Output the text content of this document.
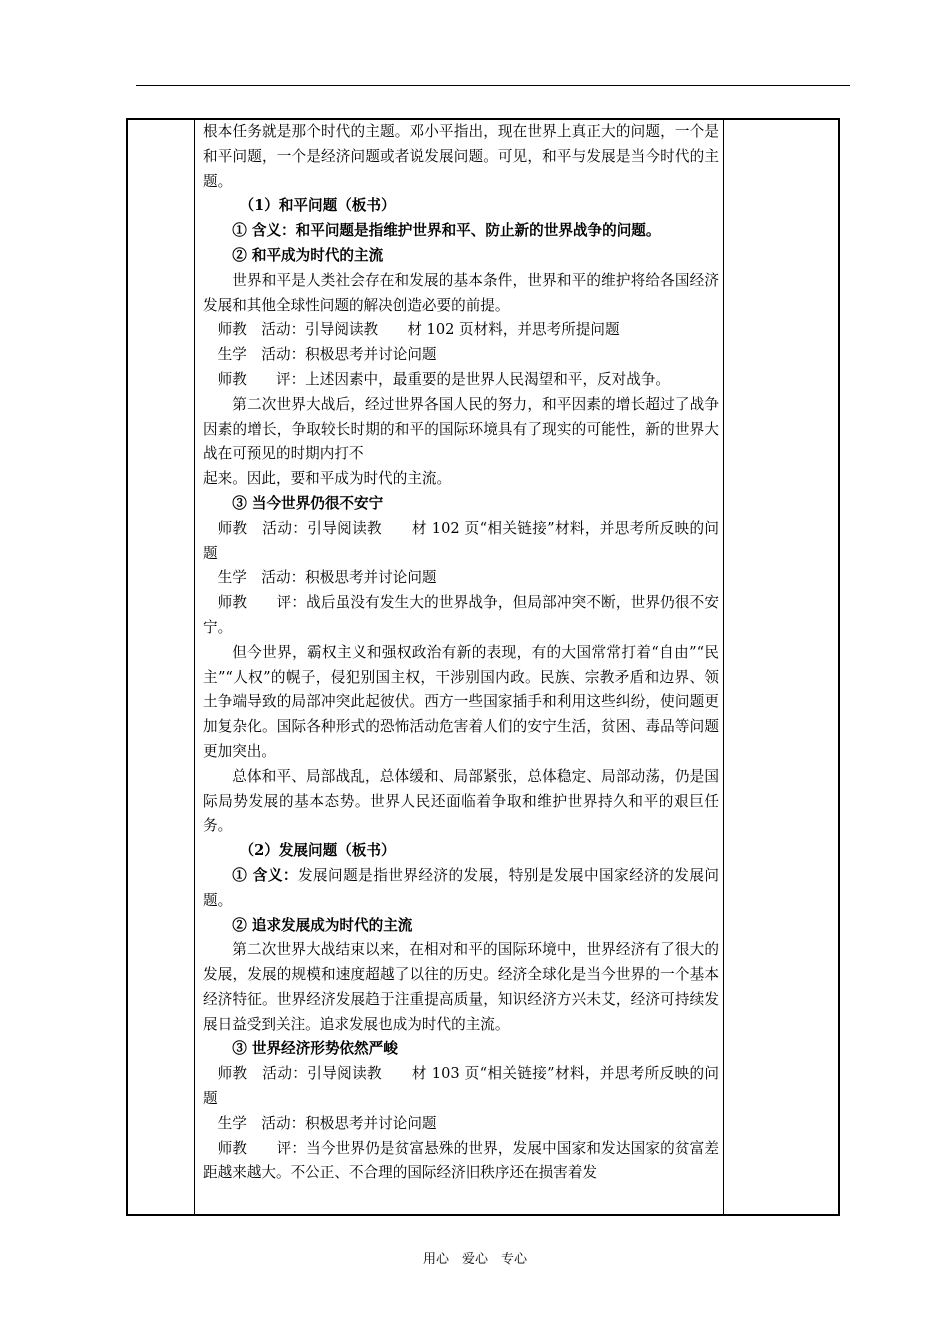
根本任务就是那个时代的主题。邓小平指出，现在世界上真正大的问题，一个是和平问题，一个是经济问题或者说发展问题。可见，和平与发展是当今时代的主题。

（1）和平问题（板书）

① 含义：和平问题是指维护世界和平、防止新的世界战争的问题。

② 和平成为时代的主流

世界和平是人类社会存在和发展的基本条件，世界和平的维护将给各国经济发展和其他全球性问题的解决创造必要的前提。

师教　活动：引导阅读教　　材 102 页材料，并思考所提问题

生学　活动：积极思考并讨论问题

师教　　评：上述因素中，最重要的是世界人民渴望和平，反对战争。

第二次世界大战后，经过世界各国人民的努力，和平因素的增长超过了战争因素的增长，争取较长时期的和平的国际环境具有了现实的可能性，新的世界大战在可预见的时期内打不

起来。因此，要和平成为时代的主流。

③ 当今世界仍很不安宁

师教　活动：引导阅读教　　材 102 页“相关链接”材料，并思考所反映的问题

生学　活动：积极思考并讨论问题

师教　　评：战后虽没有发生大的世界战争，但局部冲突不断，世界仍很不安宁。

但今世界，霸权主义和强权政治有新的表现，有的大国常常打着“自由”“民主”“人权”的幌子，侵犯别国主权，干涉别国内政。民族、宗教矛盾和边界、领土争端导致的局部冲突此起彼伏。西方一些国家插手和利用这些纠纷，使问题更加复杂化。国际各种形式的恐怖活动危害着人们的安宁生活，贫困、毒品等问题更加突出。

总体和平、局部战乱，总体缓和、局部紧张，总体稳定、局部动荡，仍是国际局势发展的基本态势。世界人民还面临着争取和维护世界持久和平的艰巨任务。

（2）发展问题（板书）

① 含义：发展问题是指世界经济的发展，特别是发展中国家经济的发展问题。

② 追求发展成为时代的主流

第二次世界大战结束以来，在相对和平的国际环境中，世界经济有了很大的发展，发展的规模和速度超越了以往的历史。经济全球化是当今世界的一个基本经济特征。世界经济发展趋于注重提高质量，知识经济方兴未艾，经济可持续发展日益受到关注。追求发展也成为时代的主流。

③ 世界经济形势依然严峻

师教　活动：引导阅读教　　材 103 页“相关链接”材料，并思考所反映的问题

生学　活动：积极思考并讨论问题

师教　　评：当今世界仍是贫富悬殊的世界，发展中国家和发达国家的贫富差距越来越大。不公正、不合理的国际经济旧秩序还在损害着发

用心　爱心　专心
